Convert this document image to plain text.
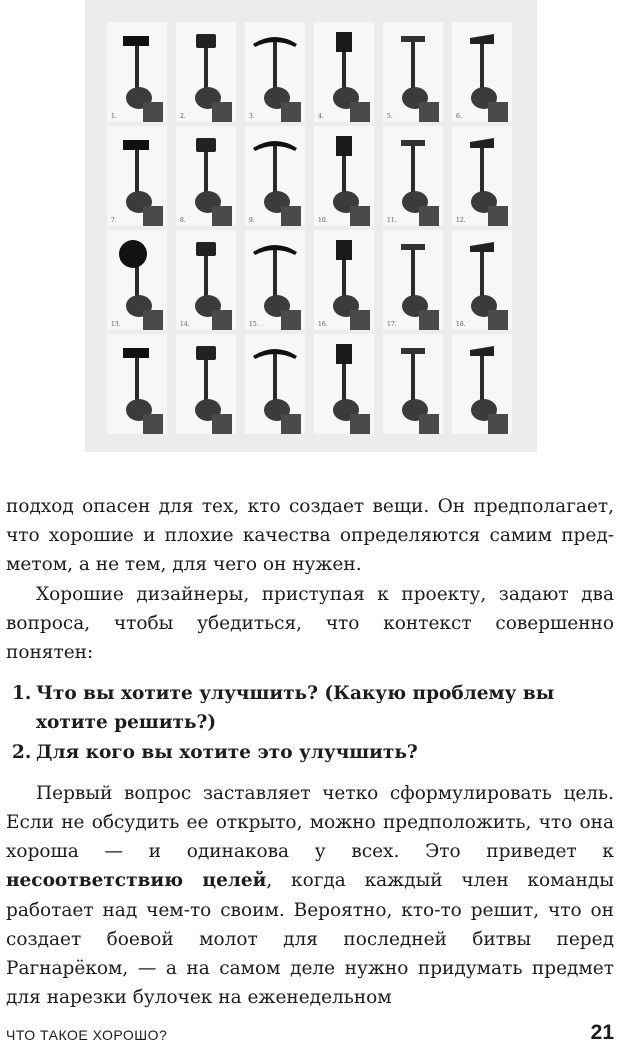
1.	2.	3.	4.	5.	6.
7.	8.	9.	10.	11.	12.
13.	14.	15.	16.	17.	18.

подход опасен для тех, кто создает вещи. Он предполагает, что хорошие и плохие качества определяются самим предметом, а не тем, для чего он нужен.

Хорошие дизайнеры, приступая к проекту, задают два вопроса, чтобы убедиться, что контекст совершенно понятен:

1. Что вы хотите улучшить? (Какую проблему вы хотите решить?)
2. Для кого вы хотите это улучшить?

Первый вопрос заставляет четко сформулировать цель. Если не обсудить ее открыто, можно предположить, что она хороша — и одинакова у всех. Это приведет к несоответствию целей, когда каждый член команды работает над чем-то своим. Вероятно, кто-то решит, что он создает боевой молот для последней битвы перед Рагнарёком, — а на самом деле нужно придумать предмет для нарезки булочек на еженедельном

ЧТО ТАКОЕ ХОРОШО?	21
